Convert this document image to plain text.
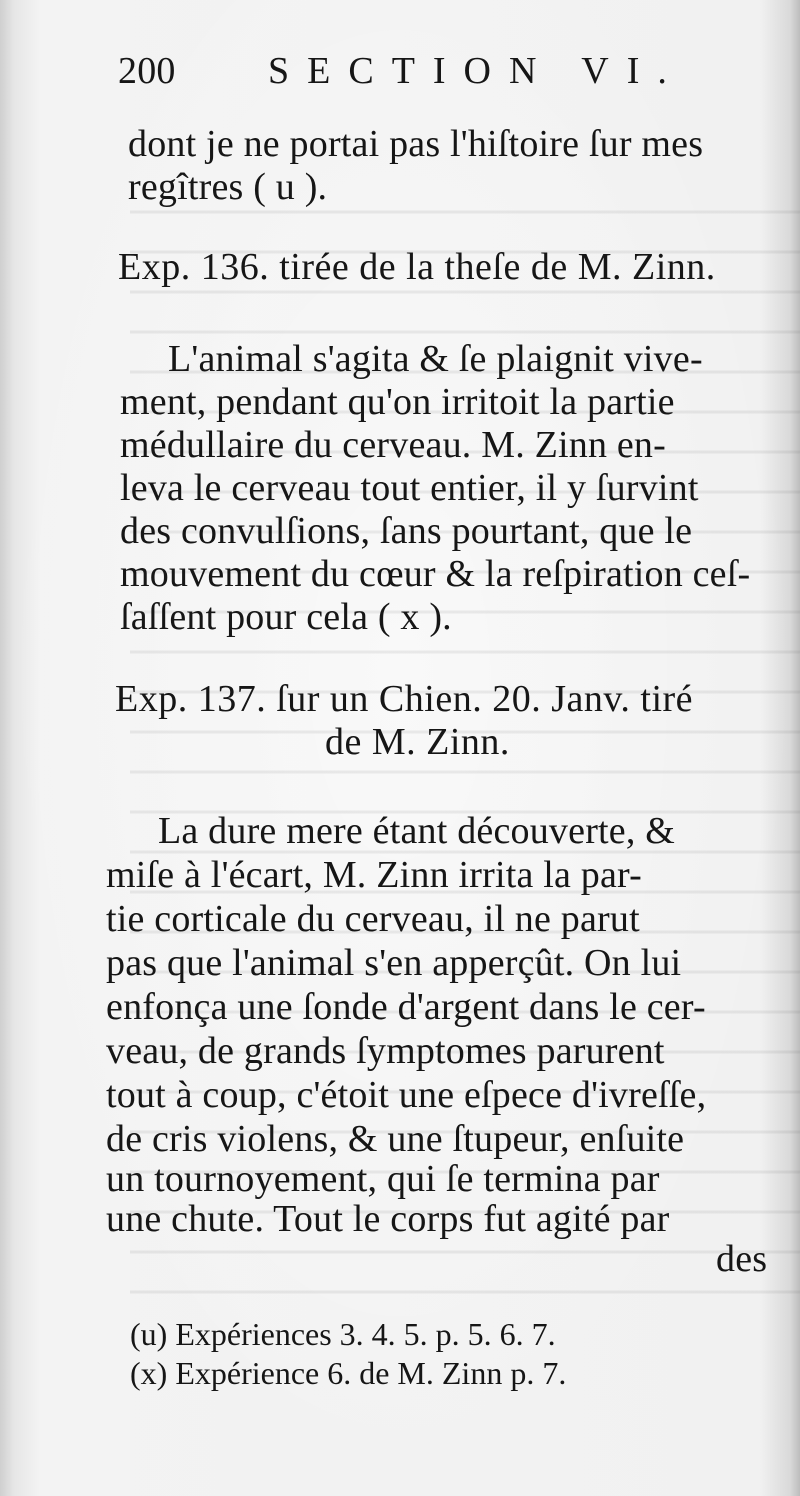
200 SECTION VI.
dont je ne portai pas l'hiſtoire ſur mes
regîtres ( u ).
Exp. 136. tirée de la theſe de M. Zinn.
L'animal s'agita & ſe plaignit vive-
ment, pendant qu'on irritoit la partie
médullaire du cerveau. M. Zinn en-
leva le cerveau tout entier, il y ſurvint
des convulſions, ſans pourtant, que le
mouvement du cœur & la reſpiration ceſ-
ſaſſent pour cela ( x ).
Exp. 137. ſur un Chien. 20. Janv. tiré
de M. Zinn.
La dure mere étant découverte, &
miſe à l'écart, M. Zinn irrita la par-
tie corticale du cerveau, il ne parut
pas que l'animal s'en apperçût. On lui
enfonça une ſonde d'argent dans le cer-
veau, de grands ſymptomes parurent
tout à coup, c'étoit une eſpece d'ivreſſe,
de cris violens, & une ſtupeur, enſuite
un tournoyement, qui ſe termina par
une chute. Tout le corps fut agité par
des
(u) Expériences 3. 4. 5. p. 5. 6. 7.
(x) Expérience 6. de M. Zinn p. 7.
